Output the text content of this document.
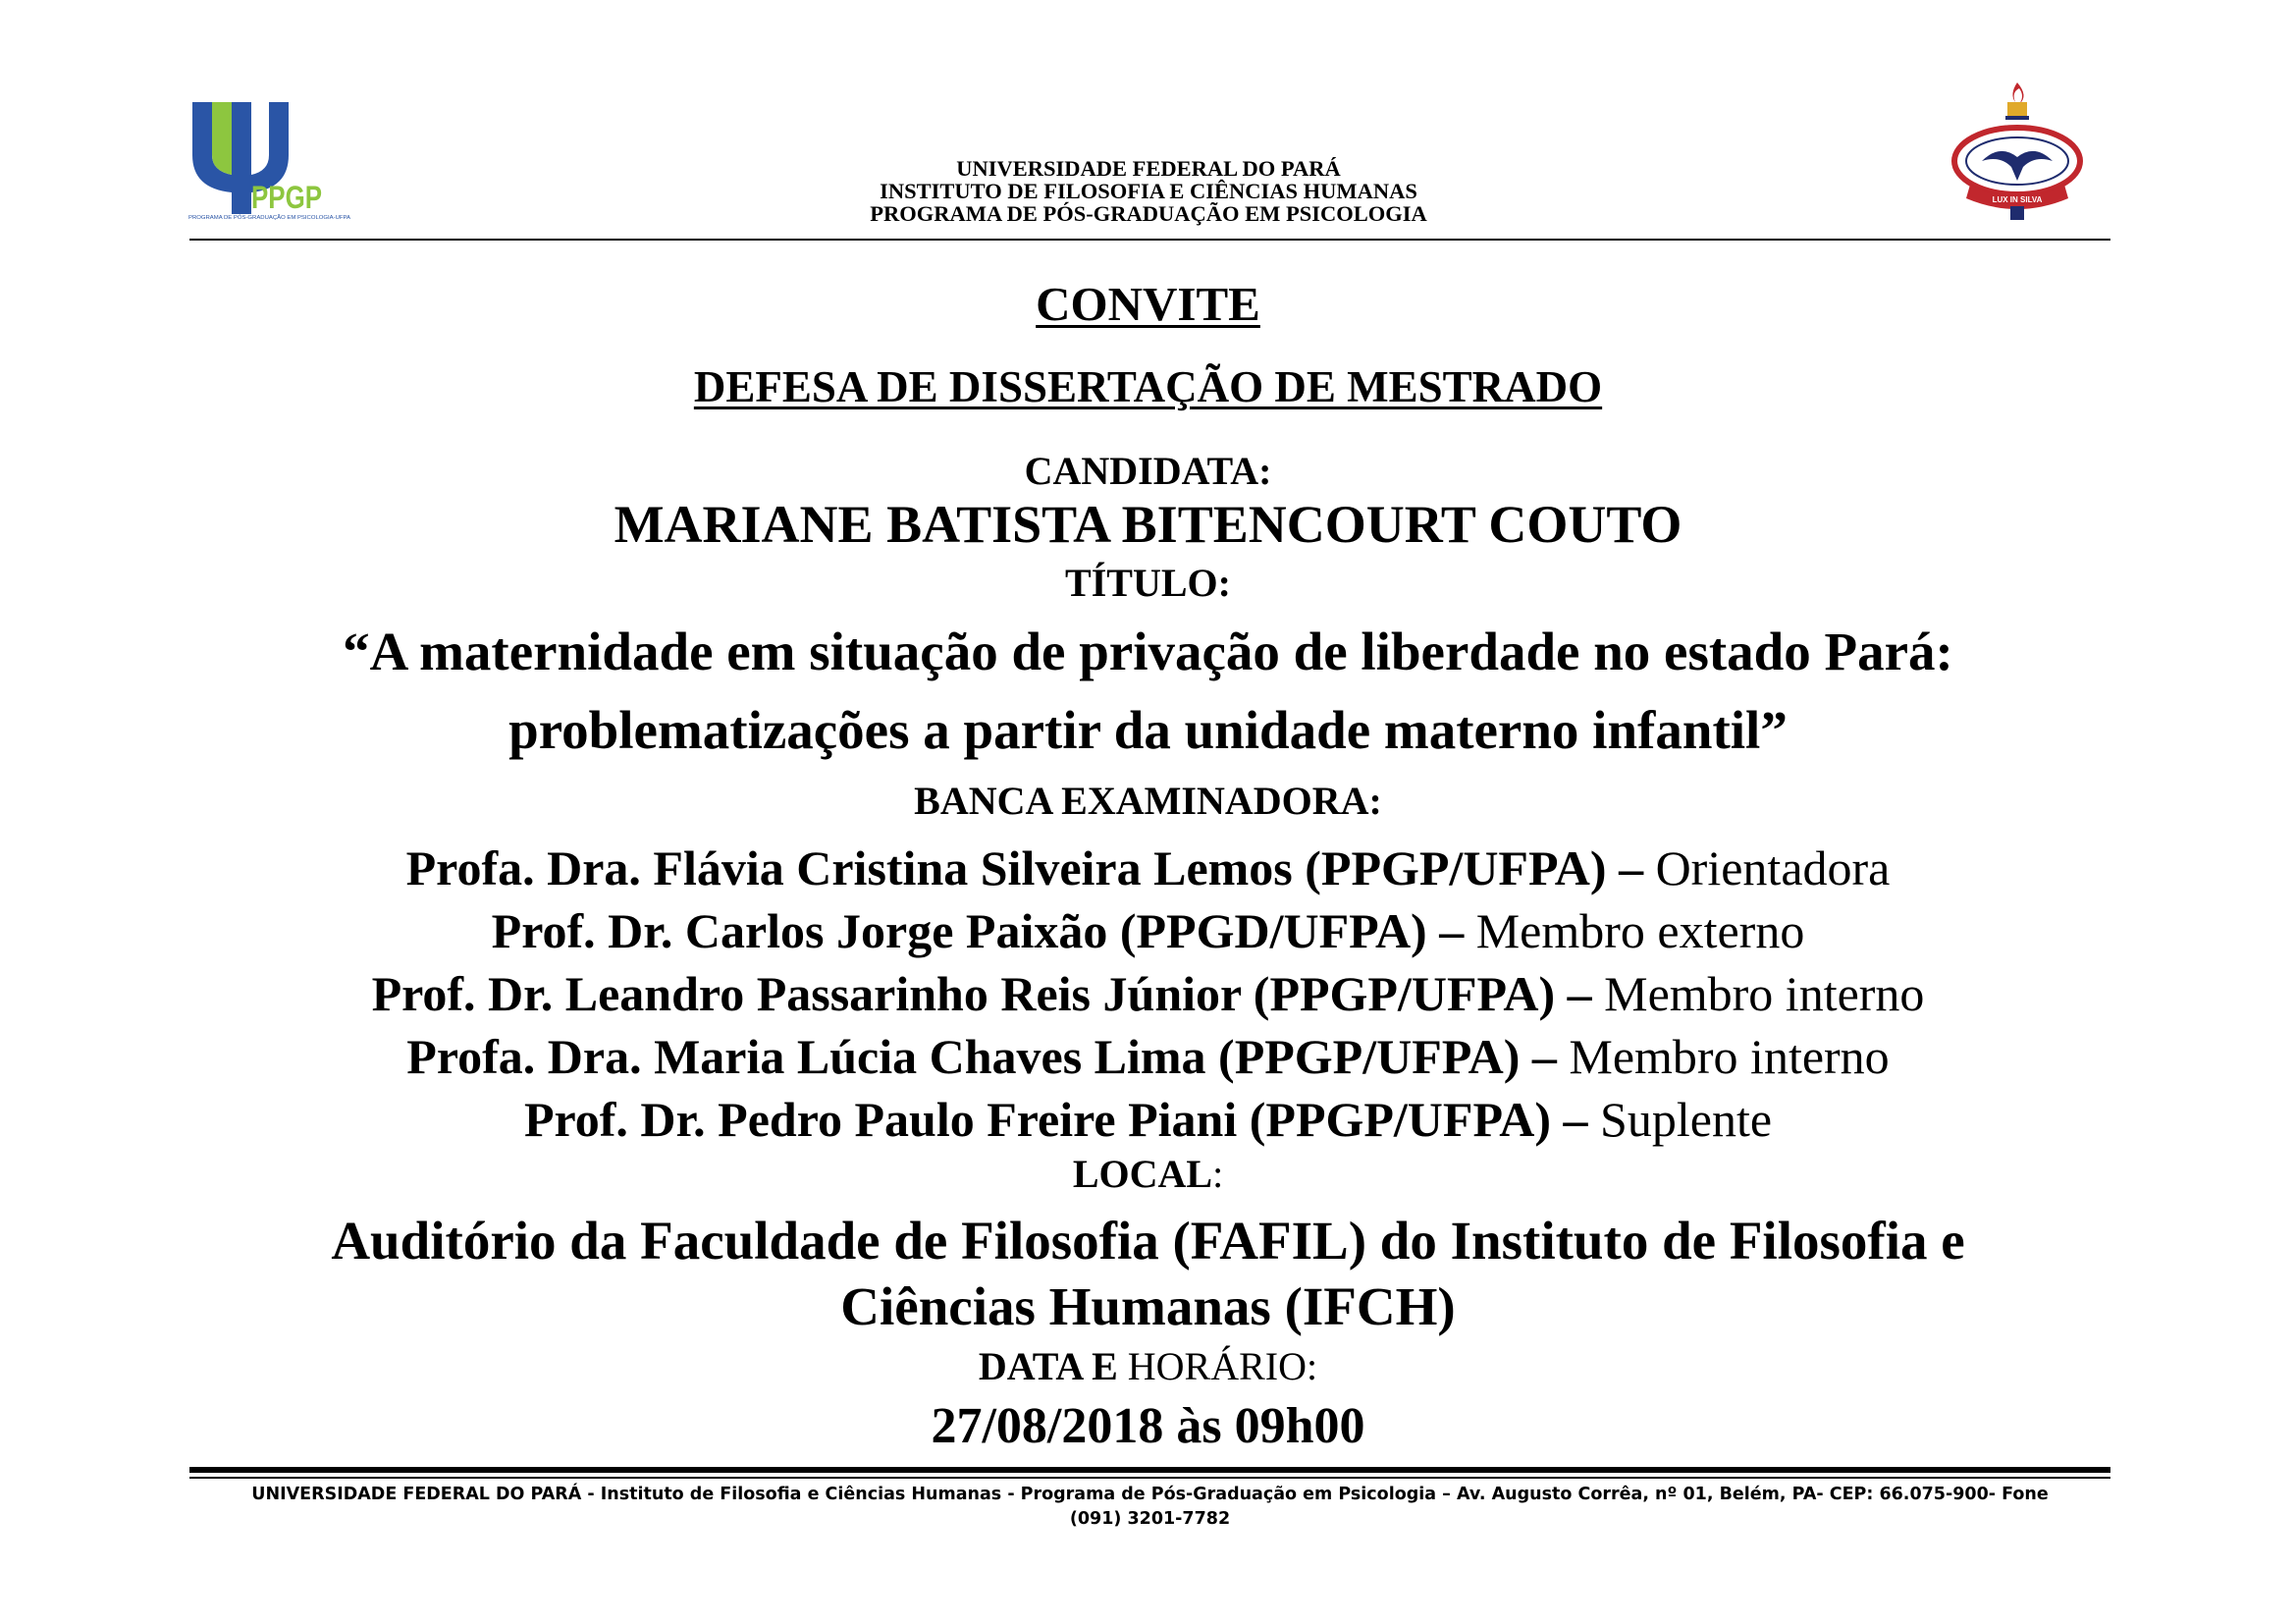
PPGP
PROGRAMA DE PÓS-GRADUAÇÃO EM PSICOLOGIA-UFPA
LUX IN SILVA
UNIVERSIDADE FEDERAL DO PARÁ
INSTITUTO DE FILOSOFIA E CIÊNCIAS HUMANAS
PROGRAMA DE PÓS-GRADUAÇÃO EM PSICOLOGIA
CONVITE
DEFESA DE DISSERTAÇÃO DE MESTRADO
CANDIDATA:
MARIANE BATISTA BITENCOURT COUTO
TÍTULO:
“A maternidade em situação de privação de liberdade no estado Pará:
problematizações a partir da unidade materno infantil”
BANCA EXAMINADORA:
Profa. Dra. Flávia Cristina Silveira Lemos (PPGP/UFPA) – Orientadora
Prof. Dr. Carlos Jorge Paixão (PPGD/UFPA) – Membro externo
Prof. Dr. Leandro Passarinho Reis Júnior (PPGP/UFPA) – Membro interno
Profa. Dra. Maria Lúcia Chaves Lima (PPGP/UFPA) – Membro interno
Prof. Dr. Pedro Paulo Freire Piani (PPGP/UFPA) – Suplente
LOCAL:
Auditório da Faculdade de Filosofia (FAFIL) do Instituto de Filosofia e
Ciências Humanas (IFCH)
DATA E HORÁRIO:
27/08/2018 às 09h00
UNIVERSIDADE FEDERAL DO PARÁ - Instituto de Filosofia e Ciências Humanas - Programa de Pós-Graduação em Psicologia – Av. Augusto Corrêa, nº 01, Belém, PA- CEP: 66.075-900- Fone
(091) 3201-7782
